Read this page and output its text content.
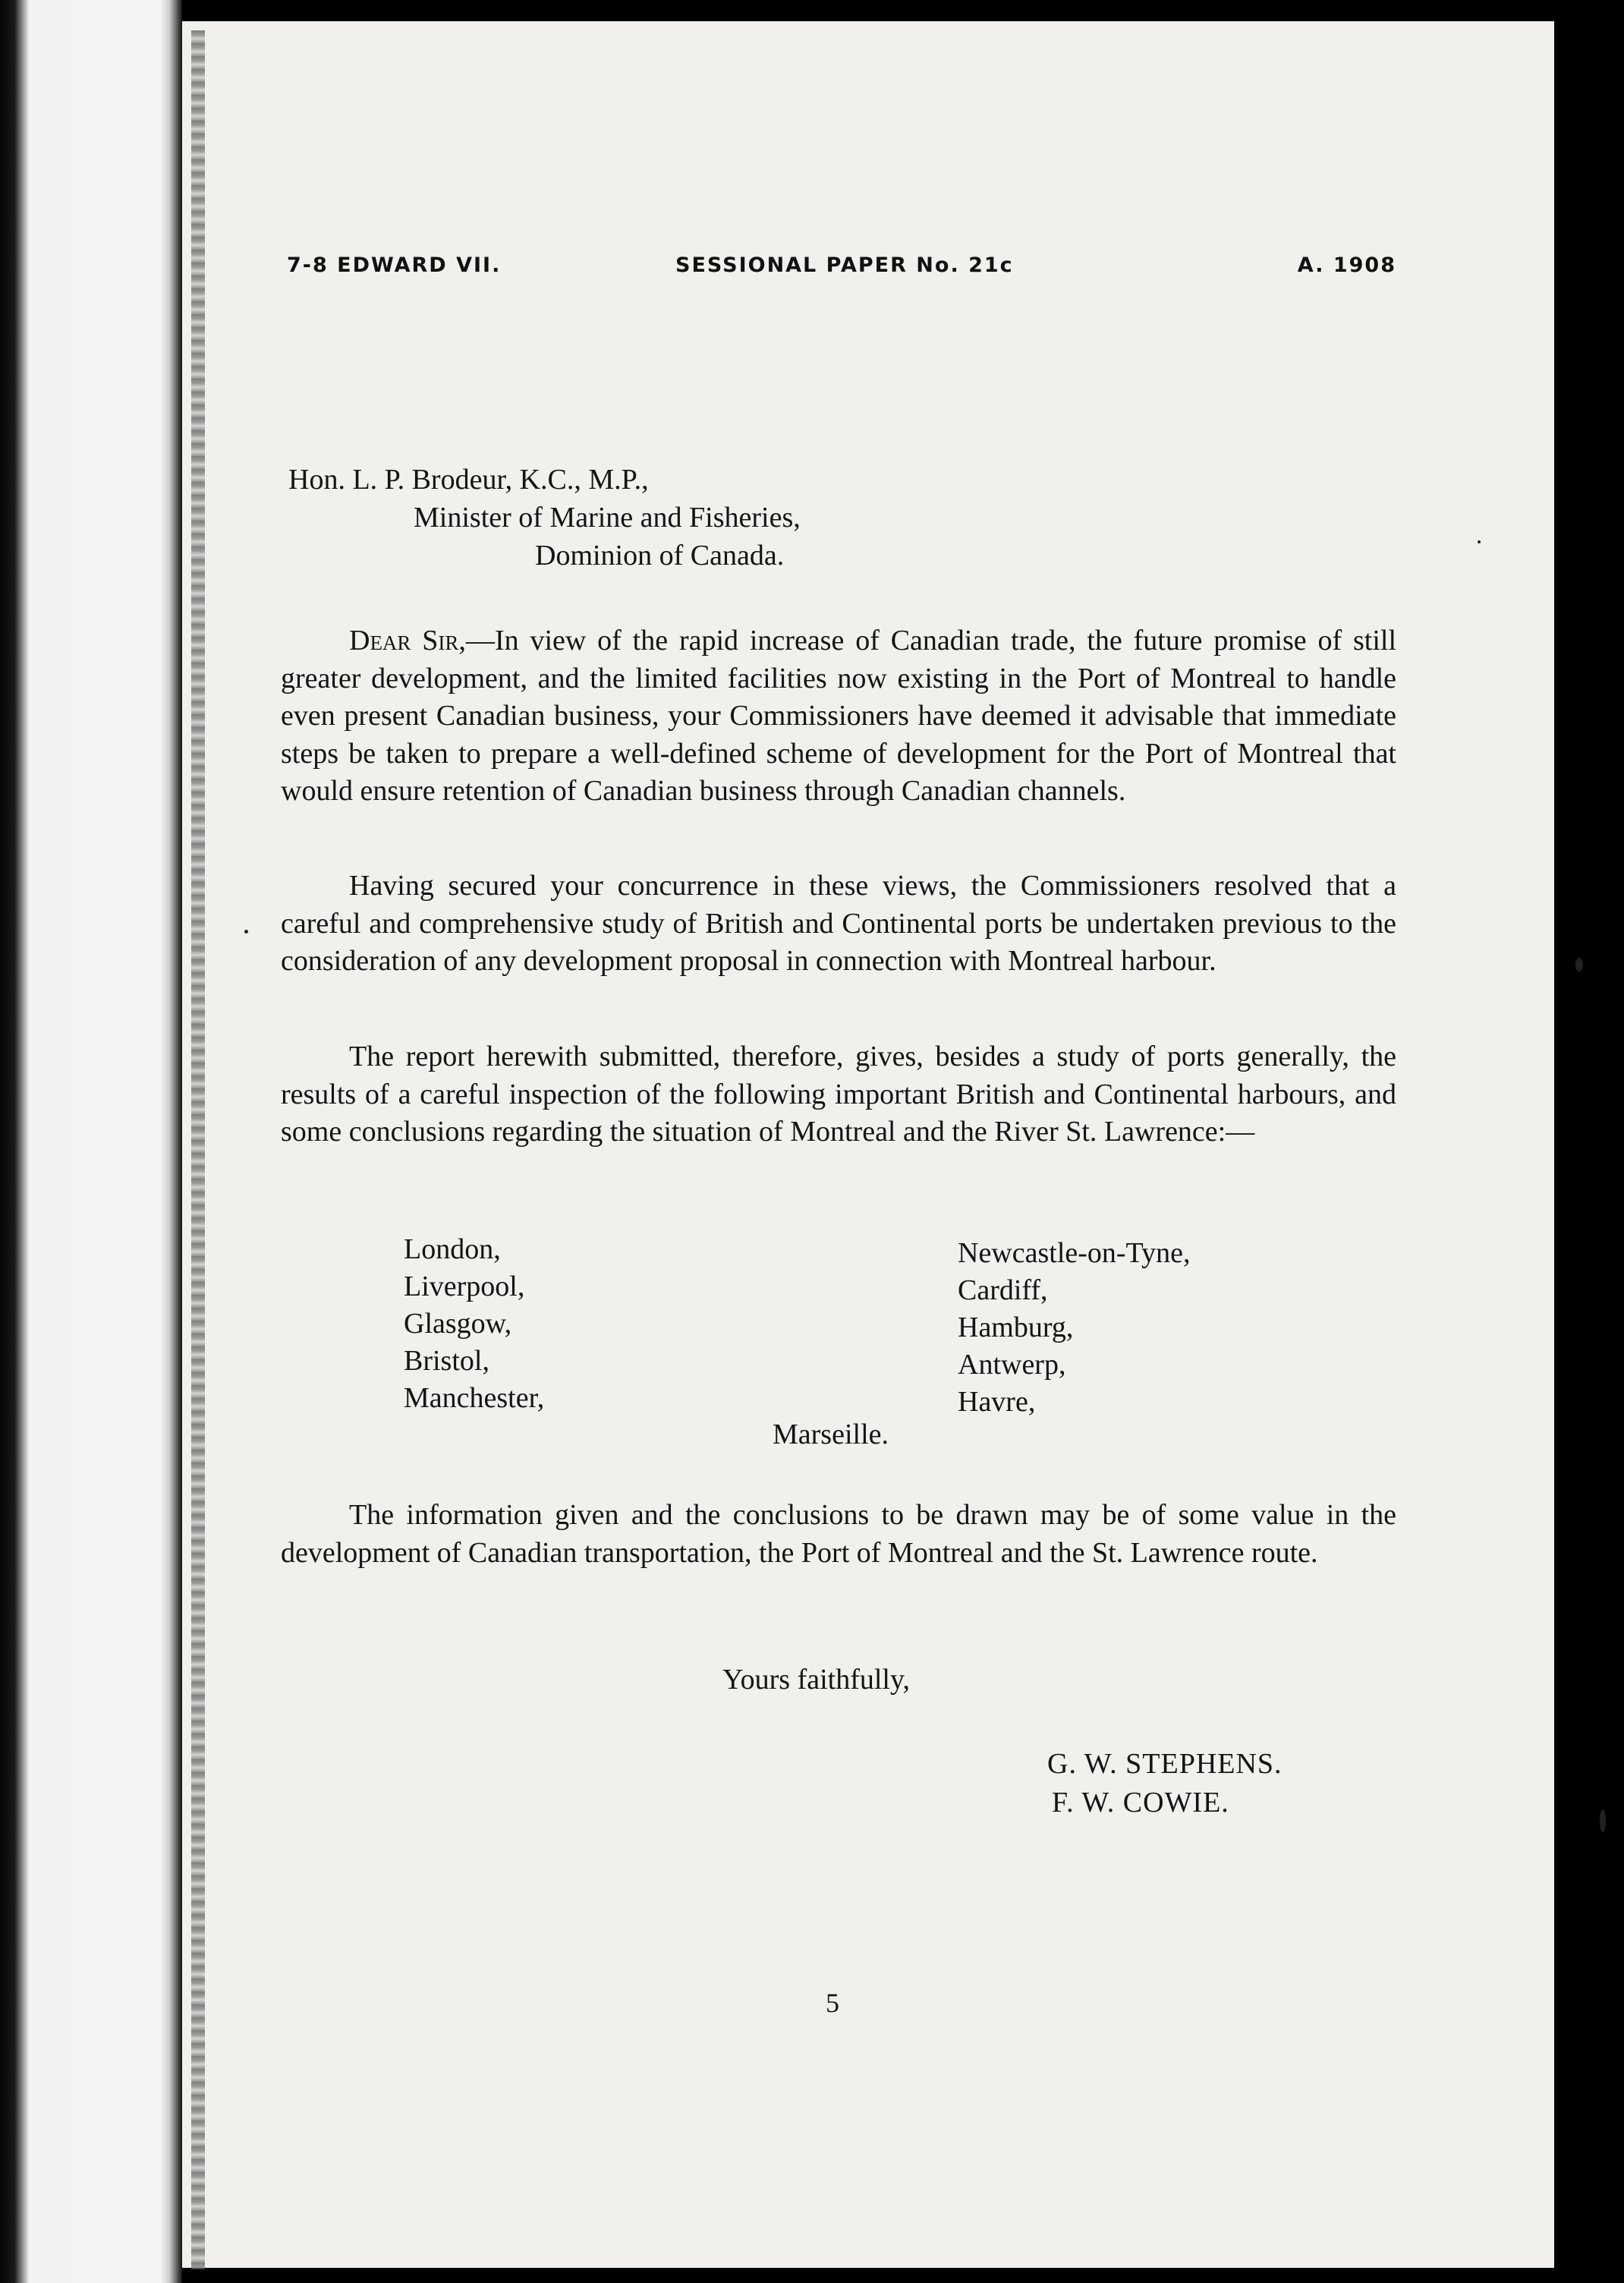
7-8 EDWARD VII.	SESSIONAL PAPER No. 21c	A. 1908
Hon. L. P. Brodeur, K.C., M.P.,
Minister of Marine and Fisheries,
Dominion of Canada.

Dear Sir,—In view of the rapid increase of Canadian trade, the future promise of still greater development, and the limited facilities now existing in the Port of Montreal to handle even present Canadian business, your Commissioners have deemed it advisable that immediate steps be taken to prepare a well-defined scheme of development for the Port of Montreal that would ensure retention of Canadian business through Canadian channels.

Having secured your concurrence in these views, the Commissioners resolved that a careful and comprehensive study of British and Continental ports be undertaken previous to the consideration of any development proposal in connection with Montreal harbour.

The report herewith submitted, therefore, gives, besides a study of ports generally, the results of a careful inspection of the following important British and Continental harbours, and some conclusions regarding the situation of Montreal and the River St. Lawrence:—

London,
Liverpool,
Glasgow,
Bristol,
Manchester,
Newcastle-on-Tyne,
Cardiff,
Hamburg,
Antwerp,
Havre,
Marseille.

The information given and the conclusions to be drawn may be of some value in the development of Canadian transportation, the Port of Montreal and the St. Lawrence route.

Yours faithfully,
G. W. STEPHENS.
F. W. COWIE.
5
